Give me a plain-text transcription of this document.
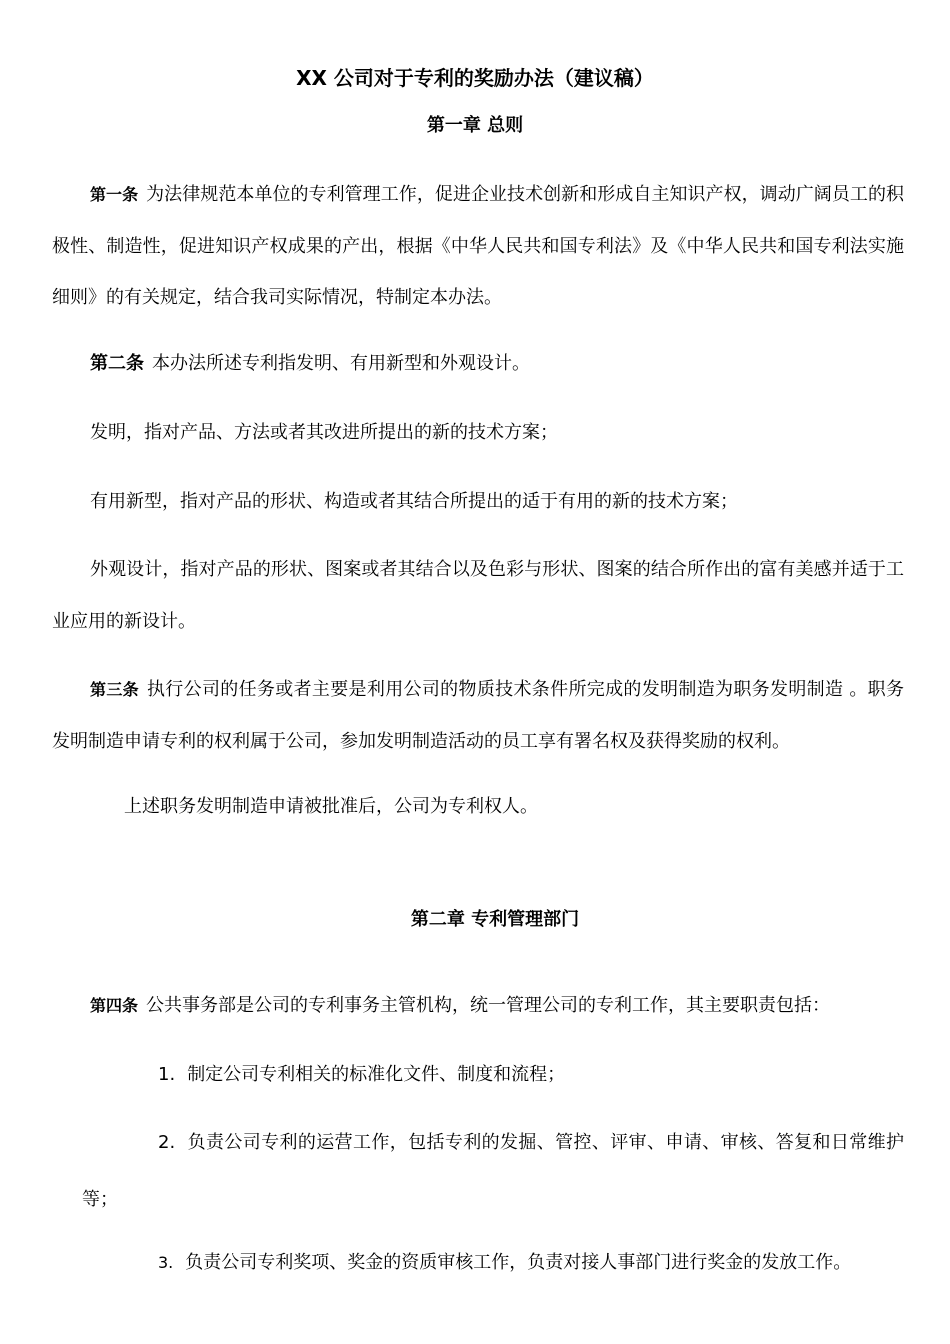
XX 公司对于专利的奖励办法（建议稿）
第一章 总则
第一条 为法律规范本单位的专利管理工作，促进企业技术创新和形成自主知识产权，调动广阔员工的积极性、制造性，促进知识产权成果的产出，根据《中华人民共和国专利法》及《中华人民共和国专利法实施细则》的有关规定，结合我司实际情况，特制定本办法。
第二条 本办法所述专利指发明、有用新型和外观设计。
发明，指对产品、方法或者其改进所提出的新的技术方案；
有用新型，指对产品的形状、构造或者其结合所提出的适于有用的新的技术方案；
外观设计，指对产品的形状、图案或者其结合以及色彩与形状、图案的结合所作出的富有美感并适于工业应用的新设计。
第三条 执行公司的任务或者主要是利用公司的物质技术条件所完成的发明制造为职务发明制造 。职务发明制造申请专利的权利属于公司，参加发明制造活动的员工享有署名权及获得奖励的权利。
上述职务发明制造申请被批准后，公司为专利权人。
第二章 专利管理部门
第四条 公共事务部是公司的专利事务主管机构，统一管理公司的专利工作，其主要职责包括：
1. 制定公司专利相关的标准化文件、制度和流程；
2. 负责公司专利的运营工作，包括专利的发掘、管控、评审、申请、审核、答复和日常维护等；
3. 负责公司专利奖项、奖金的资质审核工作，负责对接人事部门进行奖金的发放工作。
